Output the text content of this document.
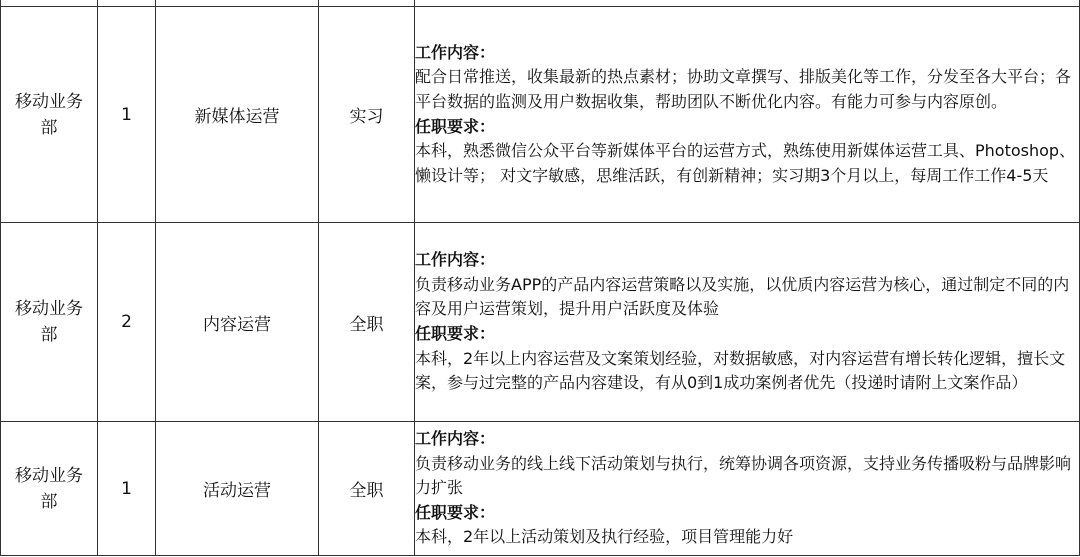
移动业务部	1	新媒体运营	实习	工作内容：
配合日常推送，收集最新的热点素材；协助文章撰写、排版美化等工作，分发至各大平台；各平台数据的监测及用户数据收集，帮助团队不断优化内容。有能力可参与内容原创。
任职要求：
本科，熟悉微信公众平台等新媒体平台的运营方式，熟练使用新媒体运营工具、Photoshop、懒设计等； 对文字敏感，思维活跃，有创新精神；实习期3个月以上，每周工作工作4-5天

移动业务部	2	内容运营	全职	工作内容：
负责移动业务APP的产品内容运营策略以及实施，以优质内容运营为核心，通过制定不同的内容及用户运营策划，提升用户活跃度及体验
任职要求：
本科，2年以上内容运营及文案策划经验，对数据敏感，对内容运营有增长转化逻辑，擅长文案，参与过完整的产品内容建设，有从0到1成功案例者优先（投递时请附上文案作品）

移动业务部	1	活动运营	全职	工作内容：
负责移动业务的线上线下活动策划与执行，统筹协调各项资源，支持业务传播吸粉与品牌影响力扩张
任职要求：
本科，2年以上活动策划及执行经验，项目管理能力好
